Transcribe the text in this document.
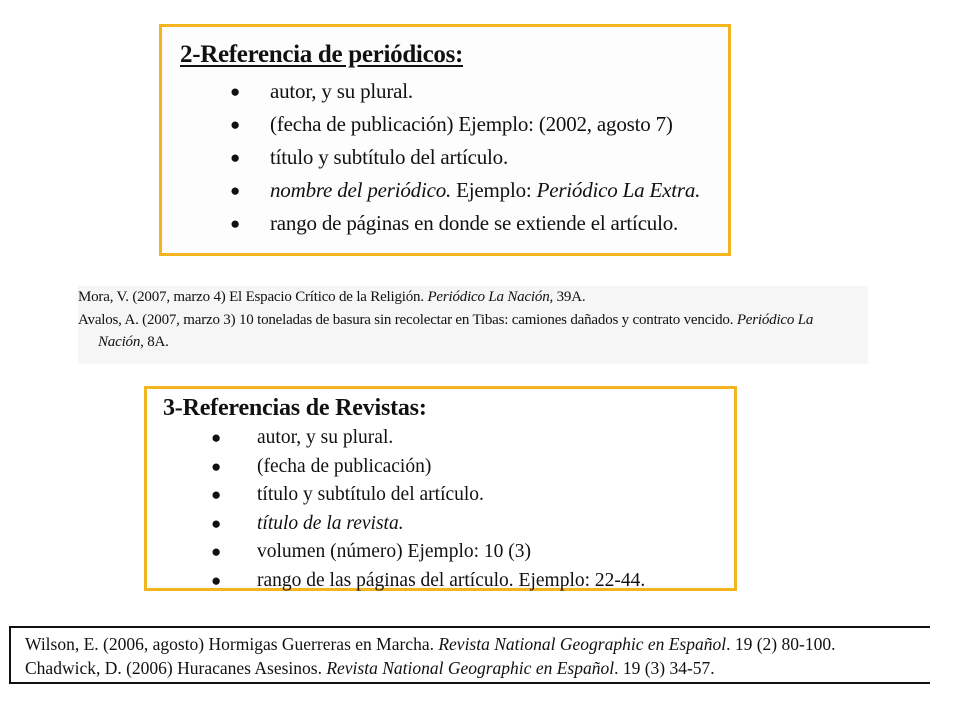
2-Referencia de periódicos:
● autor, y su plural.
● (fecha de publicación) Ejemplo: (2002, agosto 7)
● título y subtítulo del artículo.
● nombre del periódico. Ejemplo: Periódico La Extra.
● rango de páginas en donde se extiende el artículo.
Mora, V. (2007, marzo 4) El Espacio Crítico de la Religión. Periódico La Nación, 39A.
Avalos, A. (2007, marzo 3) 10 toneladas de basura sin recolectar en Tibas: camiones dañados y contrato vencido. Periódico La
Nación, 8A.
3-Referencias de Revistas:
● autor, y su plural.
● (fecha de publicación)
● título y subtítulo del artículo.
● título de la revista.
● volumen (número) Ejemplo: 10 (3)
● rango de las páginas del artículo. Ejemplo: 22-44.
Wilson, E. (2006, agosto) Hormigas Guerreras en Marcha. Revista National Geographic en Español. 19 (2) 80-100.
Chadwick, D. (2006) Huracanes Asesinos. Revista National Geographic en Español. 19 (3) 34-57.
